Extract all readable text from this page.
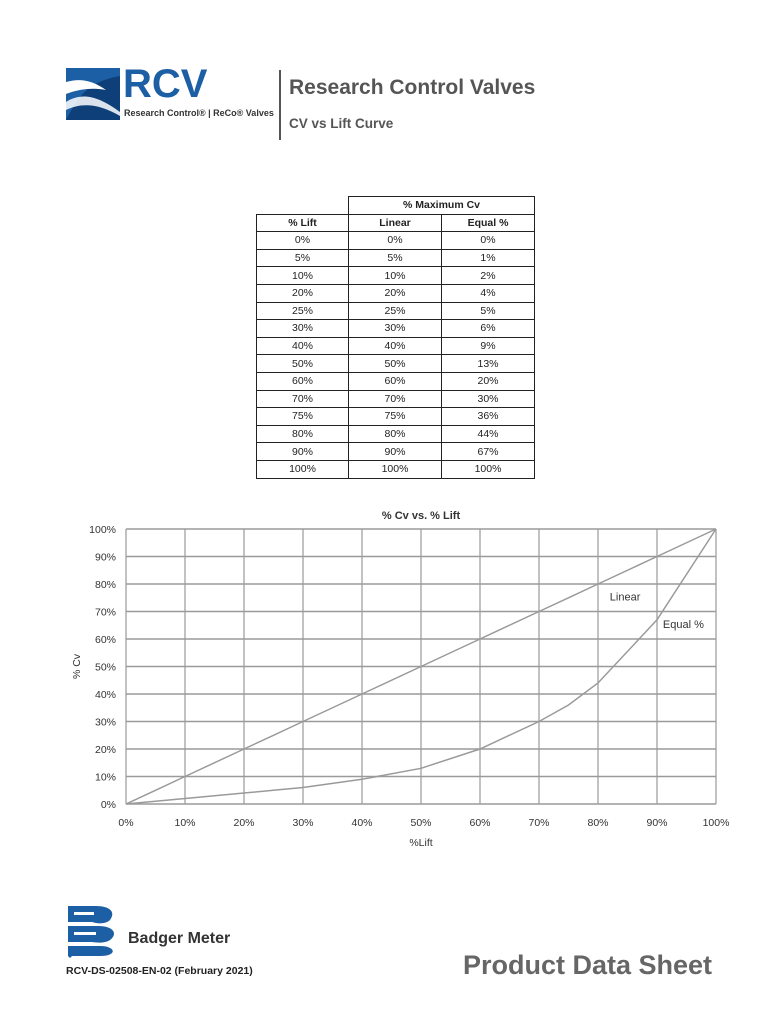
RCV
Research Control® | ReCo® Valves
Research Control Valves
CV vs Lift Curve
	% Maximum Cv	
% Lift	Linear	Equal %
0%	0%	0%
5%	5%	1%
10%	10%	2%
20%	20%	4%
25%	25%	5%
30%	30%	6%
40%	40%	9%
50%	50%	13%
60%	60%	20%
70%	70%	30%
75%	75%	36%
80%	80%	44%
90%	90%	67%
100%	100%	100%
0%
10%
20%
30%
40%
50%
60%
70%
80%
90%
100%
0%	10%	20%	30%	40%	50%	60%	70%	80%	90%	100%
% Cv vs. % Lift
%Lift
% Cv
Linear
Equal %
Badger Meter
RCV-DS-02508-EN-02 (February 2021)	Product Data Sheet
